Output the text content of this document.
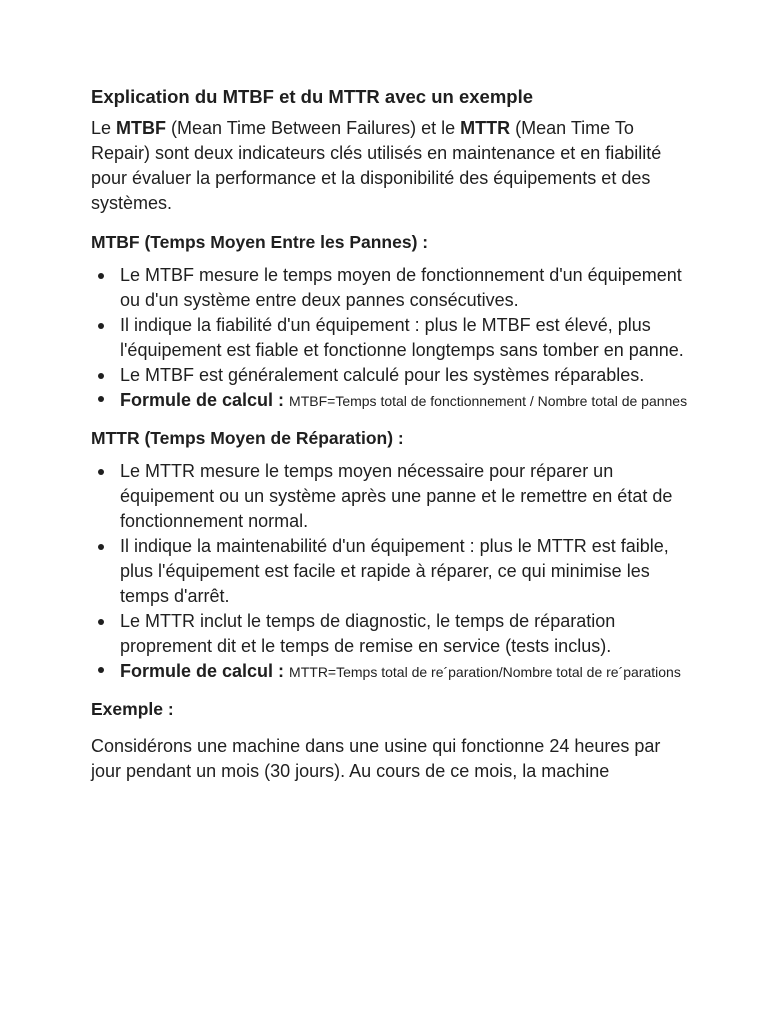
Explication du MTBF et du MTTR avec un exemple

Le MTBF (Mean Time Between Failures) et le MTTR (Mean Time To Repair) sont deux indicateurs clés utilisés en maintenance et en fiabilité pour évaluer la performance et la disponibilité des équipements et des systèmes.

MTBF (Temps Moyen Entre les Pannes) :
Le MTBF mesure le temps moyen de fonctionnement d'un équipement ou d'un système entre deux pannes consécutives.
Il indique la fiabilité d'un équipement : plus le MTBF est élevé, plus l'équipement est fiable et fonctionne longtemps sans tomber en panne.
Le MTBF est généralement calculé pour les systèmes réparables.
Formule de calcul : MTBF=Temps total de fonctionnement / Nombre total de pannes
MTTR (Temps Moyen de Réparation) :
Le MTTR mesure le temps moyen nécessaire pour réparer un équipement ou un système après une panne et le remettre en état de fonctionnement normal.
Il indique la maintenabilité d'un équipement : plus le MTTR est faible, plus l'équipement est facile et rapide à réparer, ce qui minimise les temps d'arrêt.
Le MTTR inclut le temps de diagnostic, le temps de réparation proprement dit et le temps de remise en service (tests inclus).
Formule de calcul : MTTR=Temps total de re´paration/Nombre total de re´parations
Exemple :

Considérons une machine dans une usine qui fonctionne 24 heures par jour pendant un mois (30 jours). Au cours de ce mois, la machine
